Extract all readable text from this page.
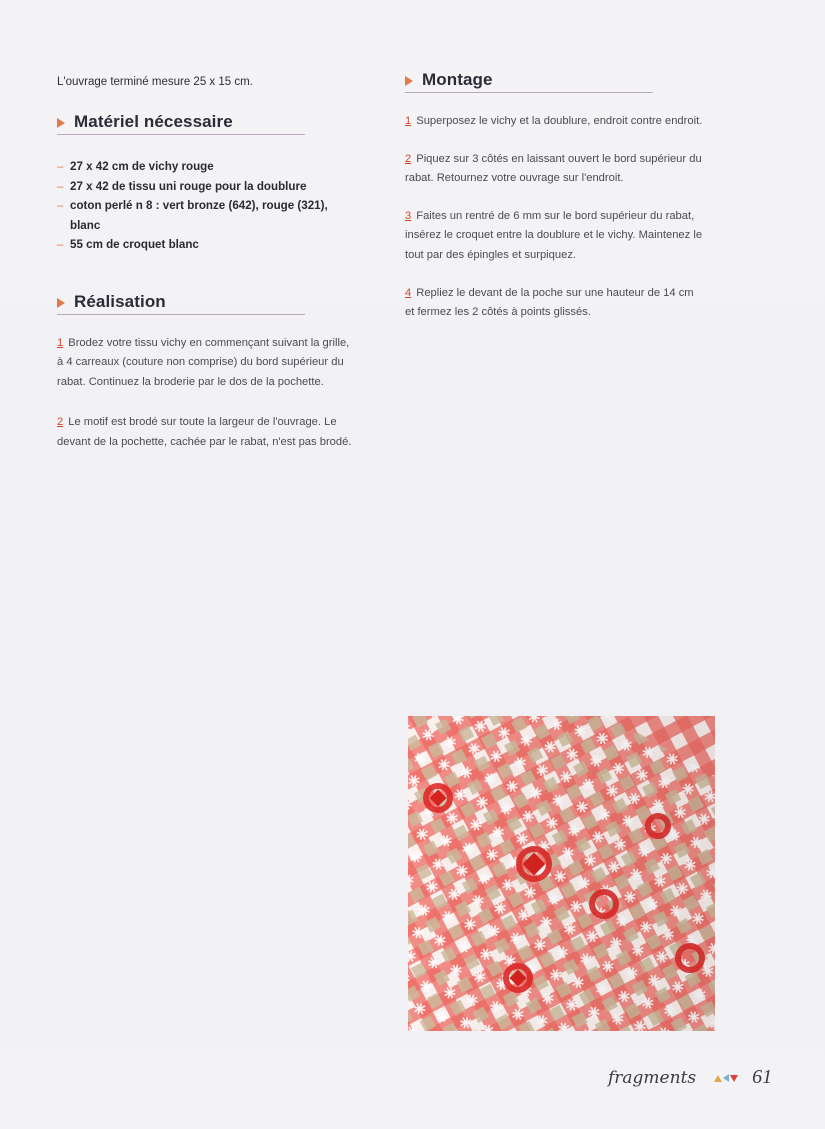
L'ouvrage terminé mesure 25 x 15 cm.

Matériel nécessaire
– 27 x 42 cm de vichy rouge
– 27 x 42 de tissu uni rouge pour la doublure
– coton perlé n 8 : vert bronze (642), rouge (321), blanc
– 55 cm de croquet blanc
Réalisation

1 Brodez votre tissu vichy en commençant suivant la grille, à 4 carreaux (couture non comprise) du bord supérieur du rabat. Continuez la broderie par le dos de la pochette.

2 Le motif est brodé sur toute la largeur de l'ouvrage. Le devant de la pochette, cachée par le rabat, n'est pas brodé.

Montage

1 Superposez le vichy et la doublure, endroit contre endroit.

2 Piquez sur 3 côtés en laissant ouvert le bord supérieur du rabat. Retournez votre ouvrage sur l'endroit.

3 Faites un rentré de 6 mm sur le bord supérieur du rabat, insérez le croquet entre la doublure et le vichy. Maintenez le tout par des épingles et surpiquez.

4 Repliez le devant de la poche sur une hauteur de 14 cm et fermez les 2 côtés à points glissés.

fragments	61
